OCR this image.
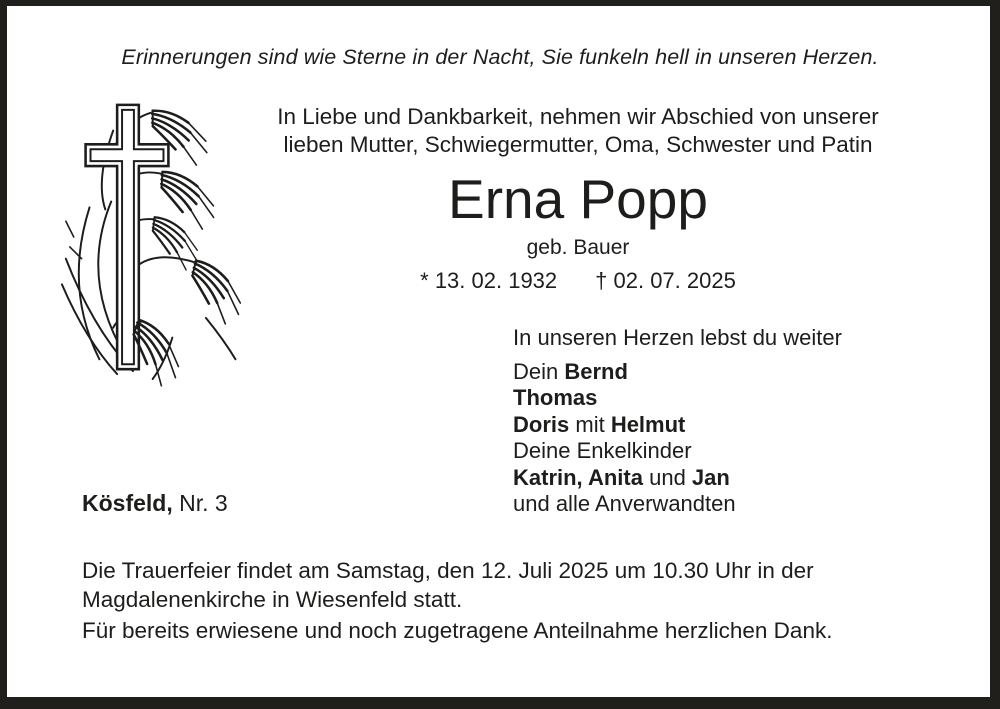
Erinnerungen sind wie Sterne in der Nacht, Sie funkeln hell in unseren Herzen.
In Liebe und Dankbarkeit, nehmen wir Abschied von unserer
lieben Mutter, Schwiegermutter, Oma, Schwester und Patin
Erna Popp
geb. Bauer
* 13. 02. 1932 † 02. 07. 2025
In unseren Herzen lebst du weiter
Dein Bernd
Thomas
Doris mit Helmut
Deine Enkelkinder
Katrin, Anita und Jan
und alle Anverwandten
Kösfeld, Nr. 3
Die Trauerfeier findet am Samstag, den 12. Juli 2025 um 10.30 Uhr in der
Magdalenenkirche in Wiesenfeld statt.
Für bereits erwiesene und noch zugetragene Anteilnahme herzlichen Dank.
